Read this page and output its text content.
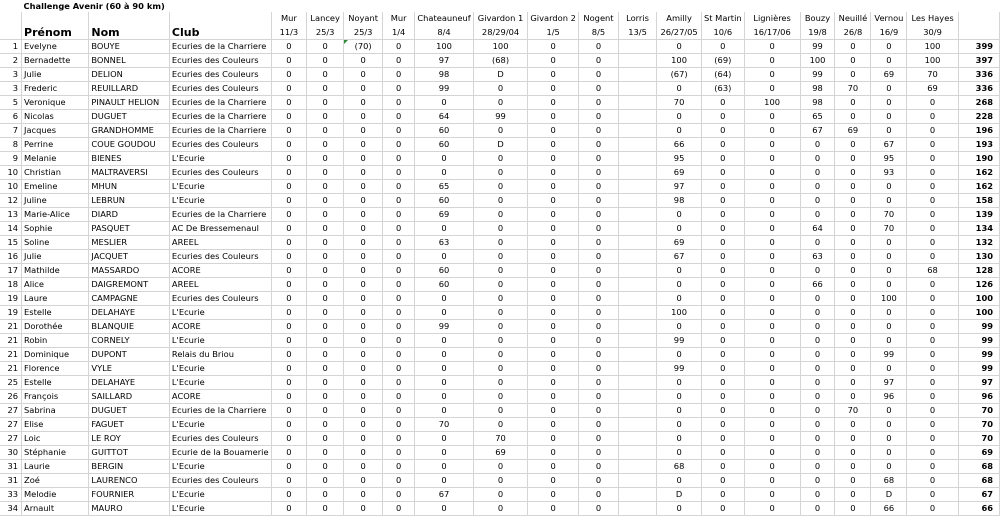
	Challenge Avenir (60 à 90 km)																			
				Mur	Lancey	Noyant	Mur	Chateauneuf	Givardon 1	Givardon 2	Nogent	Lorris	Amilly	St Martin	Lignières	Bouzy	Neuillé	Vernou	Les Hayes	
	Prénom	Nom	Club	11/3	25/3	25/3	1/4	8/4	28/29/04	1/5	8/5	13/5	26/27/05	10/6	16/17/06	19/8	26/8	16/9	30/9	
1	Evelyne	BOUYE	Ecuries de la Charriere	0	0	(70)	0	100	100	0	0		0	0	0	99	0	0	100	399
2	Bernadette	BONNEL	Ecuries des Couleurs	0	0	0	0	97	(68)	0	0		100	(69)	0	100	0	0	100	397
3	Julie	DELION	Ecuries des Couleurs	0	0	0	0	98	D	0	0		(67)	(64)	0	99	0	69	70	336
3	Frederic	REUILLARD	Ecuries des Couleurs	0	0	0	0	99	0	0	0		0	(63)	0	98	70	0	69	336
5	Veronique	PINAULT HELION	Ecuries de la Charriere	0	0	0	0	0	0	0	0		70	0	100	98	0	0	0	268
6	Nicolas	DUGUET	Ecuries de la Charriere	0	0	0	0	64	99	0	0		0	0	0	65	0	0	0	228
7	Jacques	GRANDHOMME	Ecuries de la Charriere	0	0	0	0	60	0	0	0		0	0	0	67	69	0	0	196
8	Perrine	COUE GOUDOU	Ecuries des Couleurs	0	0	0	0	60	D	0	0		66	0	0	0	0	67	0	193
9	Melanie	BIENES	L'Ecurie	0	0	0	0	0	0	0	0		95	0	0	0	0	95	0	190
10	Christian	MALTRAVERSI	Ecuries des Couleurs	0	0	0	0	0	0	0	0		69	0	0	0	0	93	0	162
10	Emeline	MHUN	L'Ecurie	0	0	0	0	65	0	0	0		97	0	0	0	0	0	0	162
12	Juline	LEBRUN	L'Ecurie	0	0	0	0	60	0	0	0		98	0	0	0	0	0	0	158
13	Marie-Alice	DIARD	Ecuries de la Charriere	0	0	0	0	69	0	0	0		0	0	0	0	0	70	0	139
14	Sophie	PASQUET	AC De Bressemenaul	0	0	0	0	0	0	0	0		0	0	0	64	0	70	0	134
15	Soline	MESLIER	AREEL	0	0	0	0	63	0	0	0		69	0	0	0	0	0	0	132
16	Julie	JACQUET	Ecuries des Couleurs	0	0	0	0	0	0	0	0		67	0	0	63	0	0	0	130
17	Mathilde	MASSARDO	ACORE	0	0	0	0	60	0	0	0		0	0	0	0	0	0	68	128
18	Alice	DAIGREMONT	AREEL	0	0	0	0	60	0	0	0		0	0	0	66	0	0	0	126
19	Laure	CAMPAGNE	Ecuries des Couleurs	0	0	0	0	0	0	0	0		0	0	0	0	0	100	0	100
19	Estelle	DELAHAYE	L'Ecurie	0	0	0	0	0	0	0	0		100	0	0	0	0	0	0	100
21	Dorothée	BLANQUIE	ACORE	0	0	0	0	99	0	0	0		0	0	0	0	0	0	0	99
21	Robin	CORNELY	L'Ecurie	0	0	0	0	0	0	0	0		99	0	0	0	0	0	0	99
21	Dominique	DUPONT	Relais du Briou	0	0	0	0	0	0	0	0		0	0	0	0	0	99	0	99
21	Florence	VYLE	L'Ecurie	0	0	0	0	0	0	0	0		99	0	0	0	0	0	0	99
25	Estelle	DELAHAYE	L'Ecurie	0	0	0	0	0	0	0	0		0	0	0	0	0	97	0	97
26	François	SAILLARD	ACORE	0	0	0	0	0	0	0	0		0	0	0	0	0	96	0	96
27	Sabrina	DUGUET	Ecuries de la Charriere	0	0	0	0	0	0	0	0		0	0	0	0	70	0	0	70
27	Elise	FAGUET	L'Ecurie	0	0	0	0	70	0	0	0		0	0	0	0	0	0	0	70
27	Loic	LE ROY	Ecuries des Couleurs	0	0	0	0	0	70	0	0		0	0	0	0	0	0	0	70
30	Stéphanie	GUITTOT	Ecurie de la Bouamerie	0	0	0	0	0	69	0	0		0	0	0	0	0	0	0	69
31	Laurie	BERGIN	L'Ecurie	0	0	0	0	0	0	0	0		68	0	0	0	0	0	0	68
31	Zoé	LAURENCO	Ecuries des Couleurs	0	0	0	0	0	0	0	0		0	0	0	0	0	68	0	68
33	Melodie	FOURNIER	L'Ecurie	0	0	0	0	67	0	0	0		D	0	0	0	0	D	0	67
34	Arnault	MAURO	L'Ecurie	0	0	0	0	0	0	0	0		0	0	0	0	0	66	0	66
